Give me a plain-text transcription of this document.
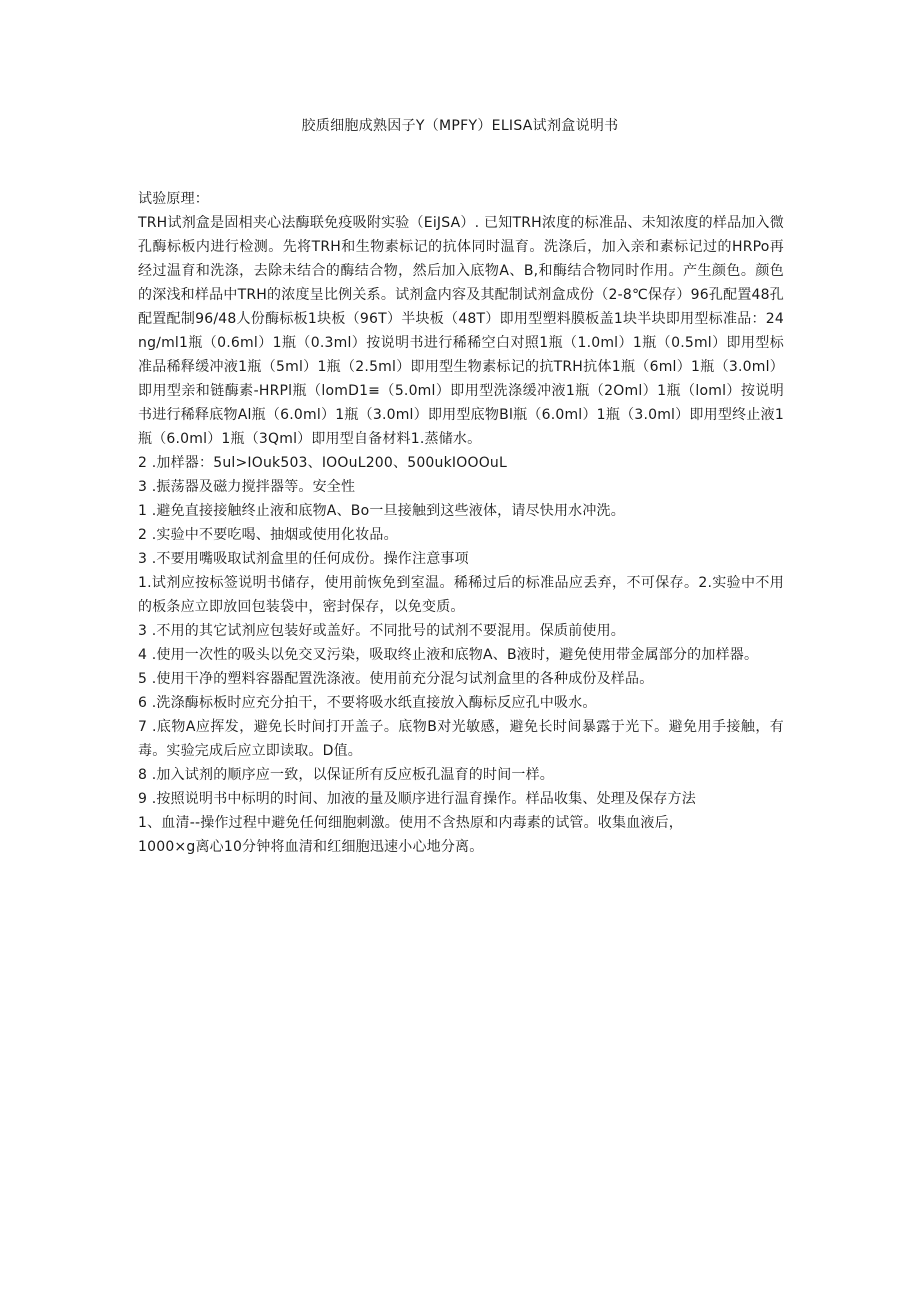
胶质细胞成熟因子Y（MPFY）ELISA试剂盒说明书

试验原理：

TRH试剂盒是固相夹心法酶联免疫吸附实验（EiJSA）. 已知TRH浓度的标准品、未知浓度的样品加入微孔酶标板内进行检测。先将TRH和生物素标记的抗体同时温育。洗涤后，加入亲和素标记过的HRPo再经过温育和洗涤，去除未结合的酶结合物，然后加入底物A、B,和酶结合物同时作用。产生颜色。颜色的深浅和样品中TRH的浓度呈比例关系。试剂盒内容及其配制试剂盒成份（2-8℃保存）96孔配置48孔配置配制96/48人份酶标板1块板（96T）半块板（48T）即用型塑料膜板盖1块半块即用型标准品：24ng∕ml1瓶（0.6ml）1瓶（0.3ml）按说明书进行稀稀空白对照1瓶（1.0ml）1瓶（0.5ml）即用型标准品稀释缓冲液1瓶（5ml）1瓶（2.5ml）即用型生物素标记的抗TRH抗体1瓶（6ml）1瓶（3.0ml）即用型亲和链酶素-HRPl瓶（lomD1≡（5.0ml）即用型洗涤缓冲液1瓶（2Oml）1瓶（loml）按说明书进行稀释底物Al瓶（6.0ml）1瓶（3.0ml）即用型底物Bl瓶（6.0ml）1瓶（3.0ml）即用型终止液1瓶（6.0ml）1瓶（3Qml）即用型自备材料1.蒸储水。

2 .加样器：5ul>IOuk503、IOOuL200、500ukIOOOuL

3 .振荡器及磁力搅拌器等。安全性

1 .避免直接接触终止液和底物A、Bo一旦接触到这些液体，请尽快用水冲洗。

2 .实验中不要吃喝、抽烟或使用化妆品。

3 .不要用嘴吸取试剂盒里的任何成份。操作注意事项

1.试剂应按标签说明书储存，使用前恢免到室温。稀稀过后的标准品应丢弃，不可保存。2.实验中不用的板条应立即放回包装袋中，密封保存，以免变质。

3 .不用的其它试剂应包装好或盖好。不同批号的试剂不要混用。保质前使用。

4 .使用一次性的吸头以免交叉污染，吸取终止液和底物A、B液时，避免使用带金属部分的加样器。

5 .使用干净的塑料容器配置洗涤液。使用前充分混匀试剂盒里的各种成份及样品。

6 .洗涤酶标板时应充分拍干，不要将吸水纸直接放入酶标反应孔中吸水。

7 .底物A应挥发，避免长时间打开盖子。底物B对光敏感，避免长时间暴露于光下。避免用手接触，有毒。实验完成后应立即读取。D值。

8 .加入试剂的顺序应一致，以保证所有反应板孔温育的时间一样。

9 .按照说明书中标明的时间、加液的量及顺序进行温育操作。样品收集、处理及保存方法

1、血清--操作过程中避免任何细胞刺激。使用不含热原和内毒素的试管。收集血液后，

1000×g离心10分钟将血清和红细胞迅速小心地分离。
